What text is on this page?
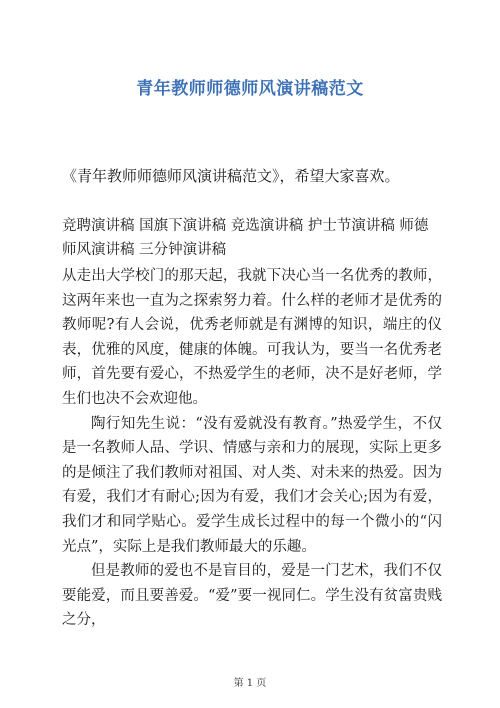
青年教师师德师风演讲稿范文
《青年教师师德师风演讲稿范文》，希望大家喜欢。
竞聘演讲稿 国旗下演讲稿 竞选演讲稿 护士节演讲稿 师德师风演讲稿 三分钟演讲稿

从走出大学校门的那天起，我就下决心当一名优秀的教师，这两年来也一直为之探索努力着。什么样的老师才是优秀的教师呢?有人会说，优秀老师就是有渊博的知识，端庄的仪表，优雅的风度，健康的体魄。可我认为，要当一名优秀老师，首先要有爱心，不热爱学生的老师，决不是好老师，学生们也决不会欢迎他。

陶行知先生说：“没有爱就没有教育。”热爱学生，不仅是一名教师人品、学识、情感与亲和力的展现，实际上更多的是倾注了我们教师对祖国、对人类、对未来的热爱。因为有爱，我们才有耐心;因为有爱，我们才会关心;因为有爱，我们才和同学贴心。爱学生成长过程中的每一个微小的“闪光点”，实际上是我们教师最大的乐趣。

但是教师的爱也不是盲目的，爱是一门艺术，我们不仅要能爱，而且要善爱。“爱”要一视同仁。学生没有贫富贵贱之分，

第 1 页
